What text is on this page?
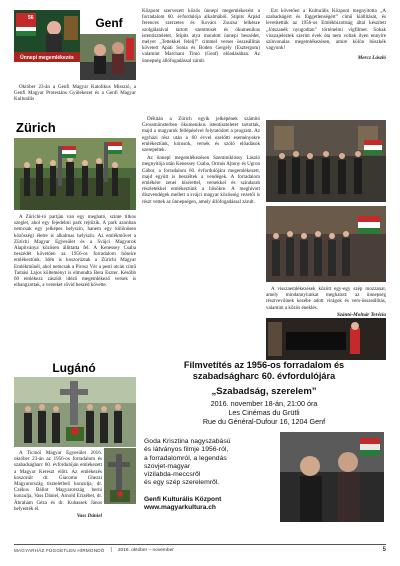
56
Ünnepi megemlékezés
Genf

Október 23-án a Genfi Magyar Katolikus Misszió, a Genfi Magyar Protestáns Gyülekezet és a Genfi Magyar Kulturális

Központ szervezett közös ünnepi megemlékezést a forradalom 60. évfordulója alkalmából. Stipits Árpád ferences szerzetes és Kovács Zsuzsa lelkésze szolgálatával tartott szentmisét és ökumenikus istentiszteletet, Stipits atya mondott ünnepi beszédet, melyet „Tettekkel felelj!” címmel verses összeállítás követett Apáti Sonia és Boden Gergely (Esztergom) valamint Marchant Timó (Genf) előadásában. Az ünnepség állófogadással zárult.

Ezt követően a Kulturális Központ megnyitotta „A szabadságért és függetlenségért” című kiállítását, és levetítettük az 1956-os Emlékbizottság által készített „Jótszanék nyugodtan” történelmi vígfilmet. Sokak visszajeleztek szerint évek óta nem voltak ilyen ennyire színvonalas megemlékezésen, amire külön büszkék vagyunk!

Mercz László
Zürich

A Zürichi-tó partján van egy megható, szinte titkos szeglet, ahol egy fejedelmi park rejtőzik. A park azonban nemcsak egy jelképes helyszín, hanem egy különösen közösségi életre is alkalmas helyszín. Az emlékművet a Zürichi Magyar Egyesület és a Svájci Magyarok Alapítványa közösen állíttatta fel. A Kenessey Csaba beszédét követően az 1956-os forradalom hőseire emlékeztünk. Idén is koszorúztak a Zürichi Magyar Emlékműnél, ahol nemcsak a Pirosz Vér a pesti utcán című Tamási Lajos költeményt is elmondta Bera Eszter. Később 60 emlékezz zászlót idéző megemlékező versek is elhangzottak, a verseket rövid beszéd követte.

Délután a Zürich egyik jelképének számító Grossmünsterben ökumenikus istentiszteletet tartottak, majd a magyarok fellépésével folytatódott a program. Az egyházi rész után a 60 évvel ezelőtti eseményekre emlékeztünk, kórusok, versek és szóló előadások szerepeltek.

Az ünnepi megemlékezésen Szentmiklóssy László megnyitója után Kenessey Csaba, Ormós Ajtony és Ugron Gábor, a forradalom 60. évfordulójára megemlékezett, majd együtt is beszéltek a vendégek. A forradalom emlékére zenei kísérettel, versekkel és színdarab részletekkel emlékeztünk a hősökre. A meghívott díszvendégek mellett a svájci magyar közösség vezetői is részt vettek az ünnepségen, amely állófogadással zárult.

A visszaemlékezések között egy-egy szép mozzanat, amely mindannyiunkat meghatott: az ünnepség résztvevőinek kezébe adott virágok és vers-összeállítás, valamint a közös éneklés.

Szántó-Molnár Terézia
Lugánó

A Ticinói Magyar Egyesület 2016. október 23-án az 1956-os forradalom és szabadságharc 60. évfordulóján emlékezett a Magyar Kereszt előtt. Az emlékezés koszorúit dr. Giacomo Ghezzi Magyarország tiszteletbeli konzulja, dr. Czékus Bálint Magyarország berni konzulja, Vass Dániel, Arnold Erzsébet, dr. Ábrahám Géza és dr. Kubassek János helyezték el.

Vass Dániel
Filmvetítés az 1956-os forradalom és
szabadságharc 60. évfordulójára
„Szabadság, szerelem”
2016. november 18-án, 21:00 óra
Les Cinémas du Grütli
Rue du Général-Dufour 16, 1204 Genf
Goda Krisztina nagyszabású
és látványos filmje 1956-ról,
a forradalomról, a legendás
szovjet-magyar
vízilabda-meccsről
és egy szép szerelemről.
Genfi Kulturális Központ
www.magyarkultura.ch
MAGYARHÁZ FÜGGETLEN HÍRMONDÓ | 2016. október – november	5
